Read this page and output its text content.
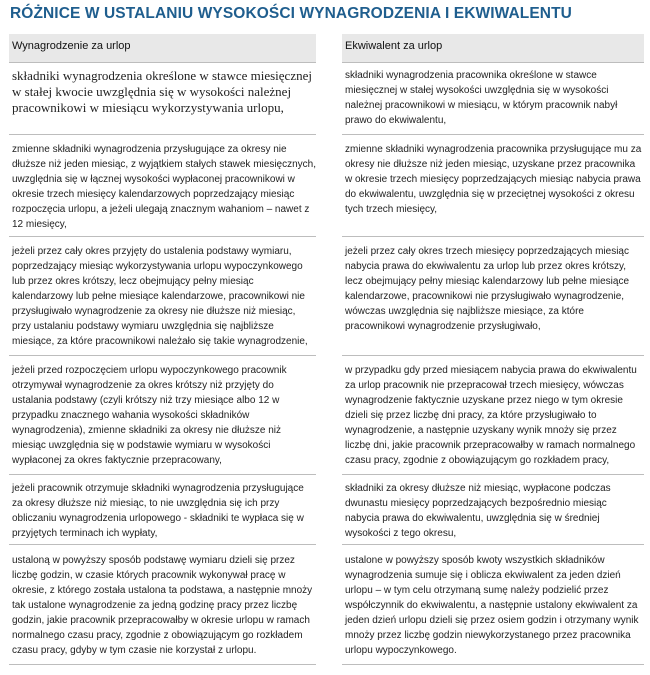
RÓŻNICE W USTALANIU WYSOKOŚCI WYNAGRODZENIA I EKWIWALENTU
Wynagrodzenie za urlop	Ekwiwalent za urlop
składniki wynagrodzenia określone w stawce miesięcznej w stałej kwocie uwzględnia się w wysokości należnej pracownikowi w miesiącu wykorzystywania urlopu,
zmienne składniki wynagrodzenia przysługujące za okresy nie dłuższe niż jeden miesiąc, z wyjątkiem stałych stawek miesięcznych, uwzględnia się w łącznej wysokości wypłaconej pracownikowi w okresie trzech miesięcy kalendarzowych poprzedzający miesiąc rozpoczęcia urlopu, a jeżeli ulegają znacznym wahaniom – nawet z 12 miesięcy,
jeżeli przez cały okres przyjęty do ustalenia podstawy wymiaru, poprzedzający miesiąc wykorzystywania urlopu wypoczynkowego lub przez okres krótszy, lecz obejmujący pełny miesiąc kalendarzowy lub pełne miesiące kalendarzowe, pracownikowi nie przysługiwało wynagrodzenie za okresy nie dłuższe niż miesiąc, przy ustalaniu podstawy wymiaru uwzględnia się najbliższe miesiące, za które pracownikowi należało się takie wynagrodzenie,
jeżeli przed rozpoczęciem urlopu wypoczynkowego pracownik otrzymywał wynagrodzenie za okres krótszy niż przyjęty do ustalania podstawy (czyli krótszy niż trzy miesiące albo 12 w przypadku znacznego wahania wysokości składników wynagrodzenia), zmienne składniki za okresy nie dłuższe niż miesiąc uwzględnia się w podstawie wymiaru w wysokości wypłaconej za okres faktycznie przepracowany,
jeżeli pracownik otrzymuje składniki wynagrodzenia przysługujące za okresy dłuższe niż miesiąc, to nie uwzględnia się ich przy obliczaniu wynagrodzenia urlopowego - składniki te wypłaca się w przyjętych terminach ich wypłaty,
ustaloną w powyższy sposób podstawę wymiaru dzieli się przez liczbę godzin, w czasie których pracownik wykonywał pracę w okresie, z którego została ustalona ta podstawa, a następnie mnoży tak ustalone wynagrodzenie za jedną godzinę pracy przez liczbę godzin, jakie pracownik przepracowałby w okresie urlopu w ramach normalnego czasu pracy, zgodnie z obowiązującym go rozkładem czasu pracy, gdyby w tym czasie nie korzystał z urlopu.
składniki wynagrodzenia pracownika określone w stawce miesięcznej w stałej wysokości uwzględnia się w wysokości należnej pracownikowi w miesiącu, w którym pracownik nabył prawo do ekwiwalentu,
zmienne składniki wynagrodzenia pracownika przysługujące mu za okresy nie dłuższe niż jeden miesiąc, uzyskane przez pracownika w okresie trzech miesięcy poprzedzających miesiąc nabycia prawa do ekwiwalentu, uwzględnia się w przeciętnej wysokości z okresu tych trzech miesięcy,
jeżeli przez cały okres trzech miesięcy poprzedzających miesiąc nabycia prawa do ekwiwalentu za urlop lub przez okres krótszy, lecz obejmujący pełny miesiąc kalendarzowy lub pełne miesiące kalendarzowe, pracownikowi nie przysługiwało wynagrodzenie, wówczas uwzględnia się najbliższe miesiące, za które pracownikowi wynagrodzenie przysługiwało,
w przypadku gdy przed miesiącem nabycia prawa do ekwiwalentu za urlop pracownik nie przepracował trzech miesięcy, wówczas wynagrodzenie faktycznie uzyskane przez niego w tym okresie dzieli się przez liczbę dni pracy, za które przysługiwało to wynagrodzenie, a następnie uzyskany wynik mnoży się przez liczbę dni, jakie pracownik przepracowałby w ramach normalnego czasu pracy, zgodnie z obowiązującym go rozkładem pracy,
składniki za okresy dłuższe niż miesiąc, wypłacone podczas dwunastu miesięcy poprzedzających bezpośrednio miesiąc nabycia prawa do ekwiwalentu, uwzględnia się w średniej wysokości z tego okresu,
ustalone w powyższy sposób kwoty wszystkich składników wynagrodzenia sumuje się i oblicza ekwiwalent za jeden dzień urlopu – w tym celu otrzymaną sumę należy podzielić przez współczynnik do ekwiwalentu, a następnie ustalony ekwiwalent za jeden dzień urlopu dzieli się przez osiem godzin i otrzymany wynik mnoży przez liczbę godzin niewykorzystanego przez pracownika urlopu wypoczynkowego.
